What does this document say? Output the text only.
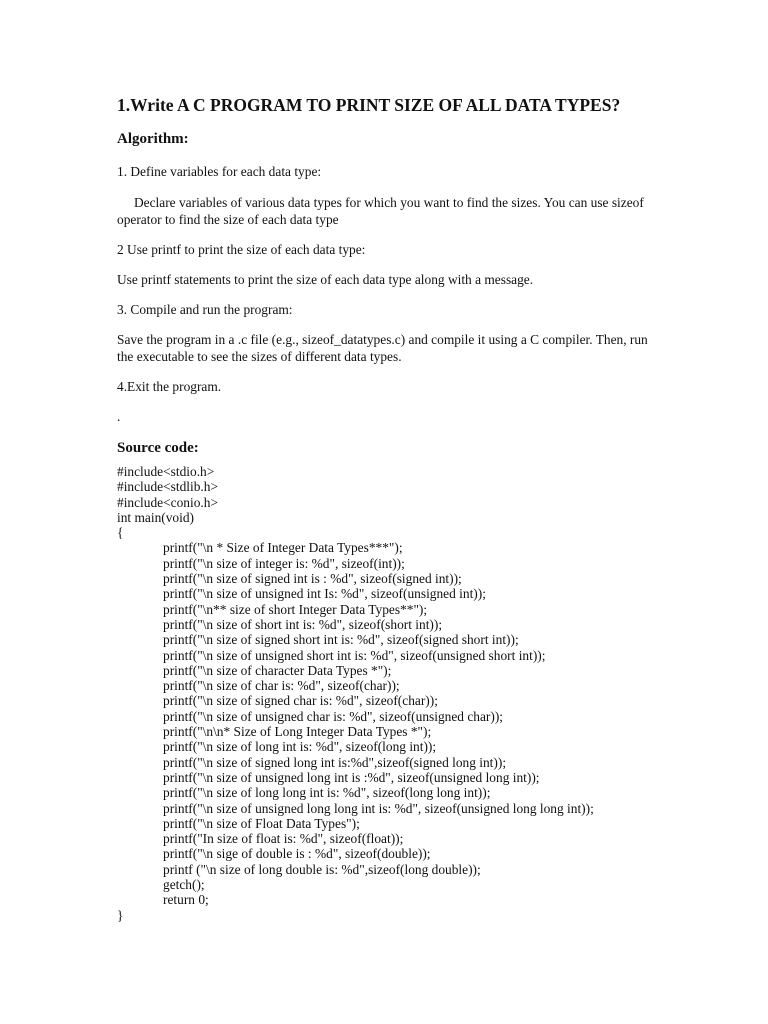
1.Write A C PROGRAM TO PRINT SIZE OF ALL DATA TYPES?
Algorithm:

1. Define variables for each data type:

Declare variables of various data types for which you want to find the sizes. You can use sizeof operator to find the size of each data type

2 Use printf to print the size of each data type:

Use printf statements to print the size of each data type along with a message.

3. Compile and run the program:

Save the program in a .c file (e.g., sizeof_datatypes.c) and compile it using a C compiler. Then, run the executable to see the sizes of different data types.

4.Exit the program.

.

Source code:
#include<stdio.h>
#include<stdlib.h>
#include<conio.h>
int main(void)
{
printf("\n * Size of Integer Data Types***");
printf("\n size of integer is: %d", sizeof(int));
printf("\n size of signed int is : %d", sizeof(signed int));
printf("\n size of unsigned int Is: %d", sizeof(unsigned int));
printf("\n** size of short Integer Data Types**");
printf("\n size of short int is: %d", sizeof(short int));
printf("\n size of signed short int is: %d", sizeof(signed short int));
printf("\n size of unsigned short int is: %d", sizeof(unsigned short int));
printf("\n size of character Data Types *");
printf("\n size of char is: %d", sizeof(char));
printf("\n size of signed char is: %d", sizeof(char));
printf("\n size of unsigned char is: %d", sizeof(unsigned char));
printf("\n\n* Size of Long Integer Data Types *");
printf("\n size of long int is: %d", sizeof(long int));
printf("\n size of signed long int is:%d",sizeof(signed long int));
printf("\n size of unsigned long int is :%d", sizeof(unsigned long int));
printf("\n size of long long int is: %d", sizeof(long long int));
printf("\n size of unsigned long long int is: %d", sizeof(unsigned long long int));
printf("\n size of Float Data Types");
printf("In size of float is: %d", sizeof(float));
printf("\n sige of double is : %d", sizeof(double));
printf ("\n size of long double is: %d",sizeof(long double));
getch();
return 0;
}
